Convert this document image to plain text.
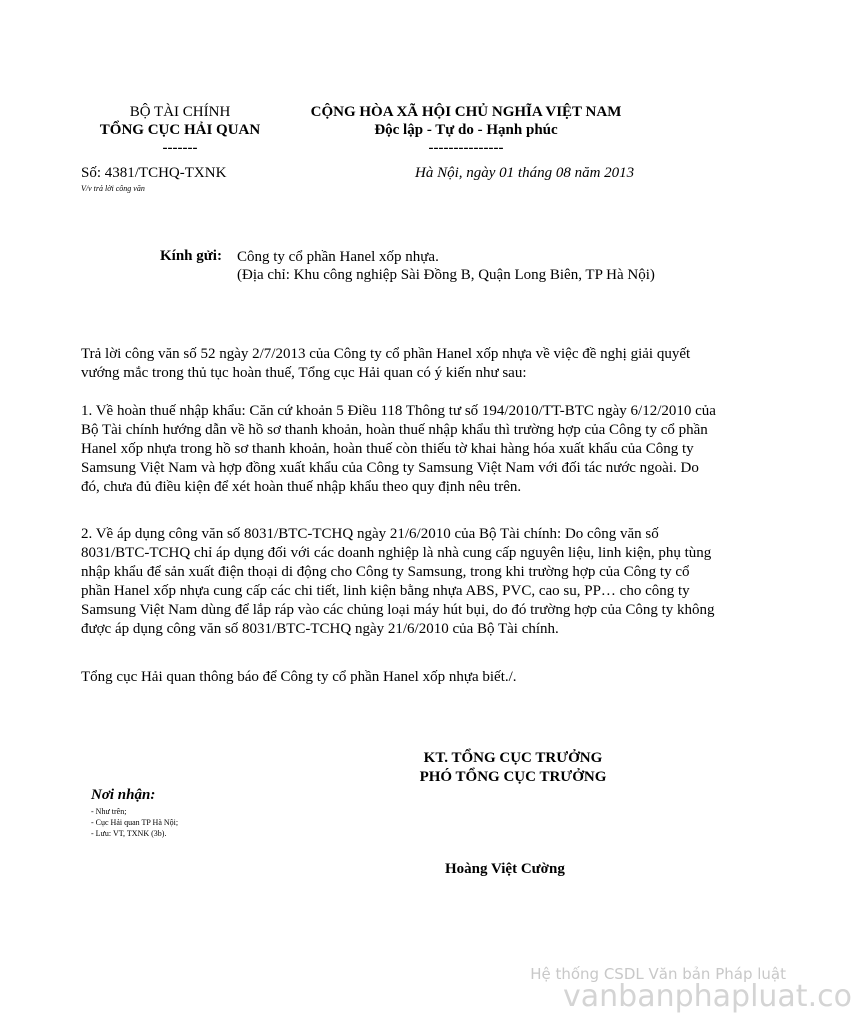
BỘ TÀI CHÍNH
TỔNG CỤC HẢI QUAN
-------
CỘNG HÒA XÃ HỘI CHỦ NGHĨA VIỆT NAM
Độc lập - Tự do - Hạnh phúc
---------------
Số: 4381/TCHQ-TXNK
V/v trả lời công văn
Hà Nội, ngày 01 tháng 08 năm 2013
Kính gửi: Công ty cổ phần Hanel xốp nhựa.
(Địa chỉ: Khu công nghiệp Sài Đồng B, Quận Long Biên, TP Hà Nội)
Trả lời công văn số 52 ngày 2/7/2013 của Công ty cổ phần Hanel xốp nhựa về việc đề nghị giải quyết vướng mắc trong thủ tục hoàn thuế, Tổng cục Hải quan có ý kiến như sau:
1. Về hoàn thuế nhập khẩu: Căn cứ khoản 5 Điều 118 Thông tư số 194/2010/TT-BTC ngày 6/12/2010 của Bộ Tài chính hướng dẫn về hồ sơ thanh khoản, hoàn thuế nhập khẩu thì trường hợp của Công ty cổ phần Hanel xốp nhựa trong hồ sơ thanh khoản, hoàn thuế còn thiếu tờ khai hàng hóa xuất khẩu của Công ty Samsung Việt Nam và hợp đồng xuất khẩu của Công ty Samsung Việt Nam với đối tác nước ngoài. Do đó, chưa đủ điều kiện để xét hoàn thuế nhập khẩu theo quy định nêu trên.
2. Về áp dụng công văn số 8031/BTC-TCHQ ngày 21/6/2010 của Bộ Tài chính: Do công văn số 8031/BTC-TCHQ chỉ áp dụng đối với các doanh nghiệp là nhà cung cấp nguyên liệu, linh kiện, phụ tùng nhập khẩu để sản xuất điện thoại di động cho Công ty Samsung, trong khi trường hợp của Công ty cổ phần Hanel xốp nhựa cung cấp các chi tiết, linh kiện bằng nhựa ABS, PVC, cao su, PP… cho công ty Samsung Việt Nam dùng để lắp ráp vào các chủng loại máy hút bụi, do đó trường hợp của Công ty không được áp dụng công văn số 8031/BTC-TCHQ ngày 21/6/2010 của Bộ Tài chính.
Tổng cục Hải quan thông báo để Công ty cổ phần Hanel xốp nhựa biết./.
KT. TỔNG CỤC TRƯỞNG
PHÓ TỔNG CỤC TRƯỞNG
Nơi nhận:
- Như trên;
- Cục Hải quan TP Hà Nội;
- Lưu: VT, TXNK (3b).
Hoàng Việt Cường
Hệ thống CSDL Văn bản Pháp luật
vanbanphapluat.co
